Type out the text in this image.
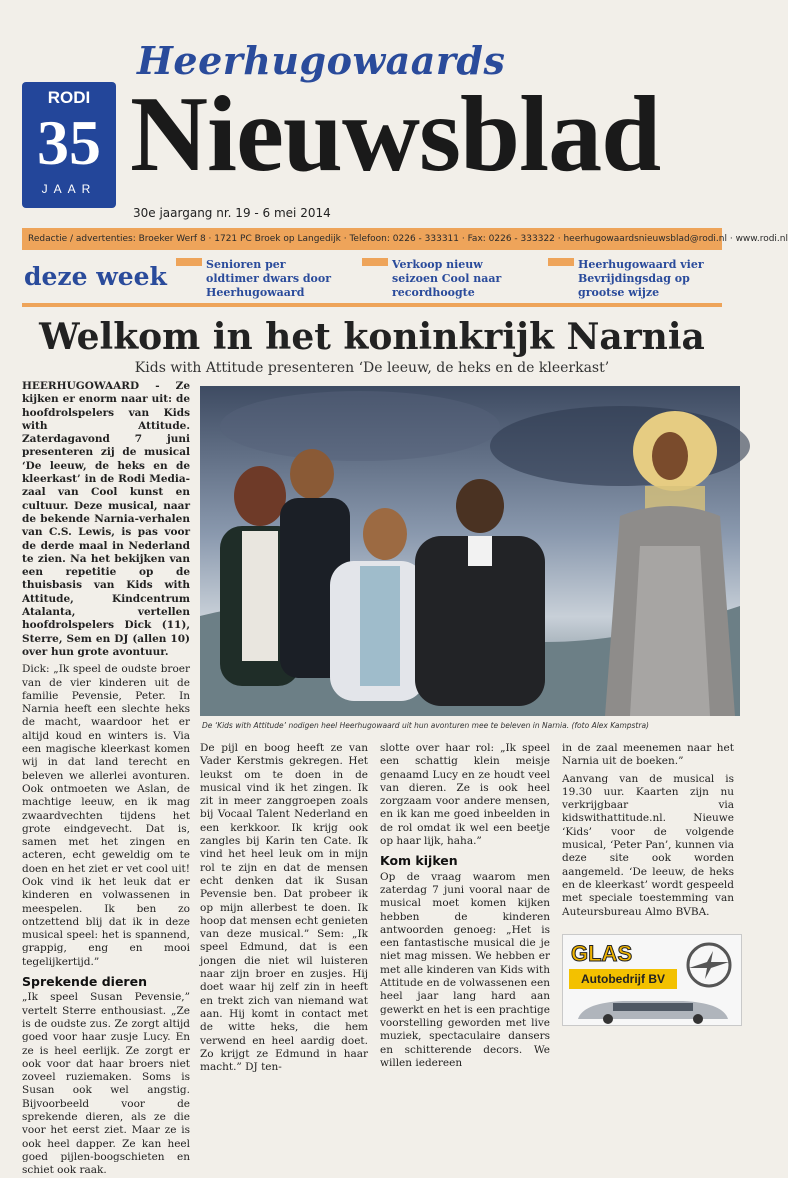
Heerhugowaards
Nieuwsblad
RODI
35
JAAR
30e jaargang nr. 19 - 6 mei 2014
Redactie / advertenties: Broeker Werf 8 · 1721 PC Broek op Langedijk · Telefoon: 0226 - 333311 · Fax: 0226 - 333322 · heerhugowaardsnieuwsblad@rodi.nl · www.rodi.nl
deze week	Senioren per oldtimer dwars door Heerhugowaard
Verkoop nieuw seizoen Cool naar recordhoogte
Heerhugowaard vier Bevrijdingsdag op grootse wijze
Welkom in het koninkrijk Narnia
Kids with Attitude presenteren ‘De leeuw, de heks en de kleerkast’

HEERHUGOWAARD - Ze kijken er enorm naar uit: de hoofdrolspelers van Kids with Attitude. Zaterdagavond 7 juni presenteren zij de musical ‘De leeuw, de heks en de kleerkast’ in de Rodi Media-zaal van Cool kunst en cultuur. Deze musical, naar de bekende Narnia-verhalen van C.S. Lewis, is pas voor de derde maal in Nederland te zien. Na het bekijken van een repetitie op de thuisbasis van Kids with Attitude, Kindcentrum Atalanta, vertellen hoofdrolspelers Dick (11), Sterre, Sem en DJ (allen 10) over hun grote avontuur.

Dick: „Ik speel de oudste broer van de vier kinderen uit de familie Pevensie, Peter. In Narnia heeft een slechte heks de macht, waardoor het er altijd koud en winters is. Via een magische kleerkast komen wij in dat land terecht en beleven we allerlei avonturen. Ook ontmoeten we Aslan, de machtige leeuw, en ik mag zwaardvechten tijdens het grote eindgevecht. Dat is, samen met het zingen en acteren, echt geweldig om te doen en het ziet er vet cool uit! Ook vind ik het leuk dat er kinderen en volwassenen in meespelen. Ik ben zo ontzettend blij dat ik in deze musical speel: het is spannend, grappig, eng en mooi tegelijkertijd.”

Sprekende dieren

„Ik speel Susan Pevensie,” vertelt Sterre enthousiast. „Ze is de oudste zus. Ze zorgt altijd goed voor haar zusje Lucy. En ze is heel eerlijk. Ze zorgt er ook voor dat haar broers niet zoveel ruziemaken. Soms is Susan ook wel angstig. Bijvoorbeeld voor de sprekende dieren, als ze die voor het eerst ziet. Maar ze is ook heel dapper. Ze kan heel goed pijlen-boogschieten en schiet ook raak.

De ‘Kids with Attitude’ nodigen heel Heerhugowaard uit hun avonturen mee te beleven in Narnia. (foto Alex Kampstra)

De pijl en boog heeft ze van Vader Kerstmis gekregen. Het leukst om te doen in de musical vind ik het zingen. Ik zit in meer zanggroepen zoals bij Vocaal Talent Nederland en een kerkkoor. Ik krijg ook zangles bij Karin ten Cate. Ik vind het heel leuk om in mijn rol te zijn en dat de mensen echt denken dat ik Susan Pevensie ben. Dat probeer ik op mijn allerbest te doen. Ik hoop dat mensen echt genieten van deze musical.” Sem: „Ik speel Edmund, dat is een jongen die niet wil luisteren naar zijn broer en zusjes. Hij doet waar hij zelf zin in heeft en trekt zich van niemand wat aan. Hij komt in contact met de witte heks, die hem verwend en heel aardig doet. Zo krijgt ze Edmund in haar macht.” DJ ten-

slotte over haar rol: „Ik speel een schattig klein meisje genaamd Lucy en ze houdt veel van dieren. Ze is ook heel zorgzaam voor andere mensen, en ik kan me goed inbeelden in de rol omdat ik wel een beetje op haar lijk, haha.”

Kom kijken

Op de vraag waarom men zaterdag 7 juni vooral naar de musical moet komen kijken hebben de kinderen antwoorden genoeg: „Het is een fantastische musical die je niet mag missen. We hebben er met alle kinderen van Kids with Attitude en de volwassenen een heel jaar lang hard aan gewerkt en het is een prachtige voorstelling geworden met live muziek, spectaculaire dansers en schitterende decors. We willen iedereen

in de zaal meenemen naar het Narnia uit de boeken.”

Aanvang van de musical is 19.30 uur. Kaarten zijn nu verkrijgbaar via kidswithattitude.nl. Nieuwe ‘Kids’ voor de volgende musical, ‘Peter Pan’, kunnen via deze site ook worden aangemeld. ‘De leeuw, de heks en de kleerkast’ wordt gespeeld met speciale toestemming van Auteursbureau Almo BVBA.

GLAS
Autobedrijf BV
